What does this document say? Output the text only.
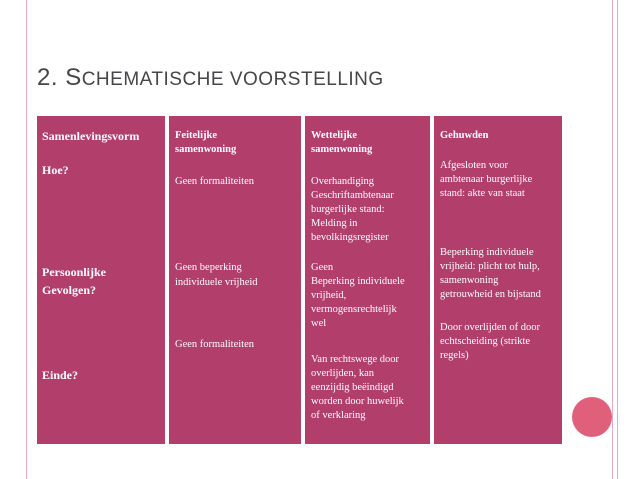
2. SCHEMATISCHE VOORSTELLING
Samenlevingsvorm
Hoe?
Persoonlijke
Gevolgen?
Einde?
Feitelijke
samenwoning
Geen formaliteiten
Geen beperking
individuele vrijheid
Geen formaliteiten
Wettelijke
samenwoning
Overhandiging
Geschriftambtenaar
burgerlijke stand:
Melding in
bevolkingsregister
Geen
Beperking individuele
vrijheid,
vermogensrechtelijk
wel
Van rechtswege door
overlijden, kan
eenzijdig beëindigd
worden door huwelijk
of verklaring
Gehuwden
Afgesloten voor
ambtenaar burgerlijke
stand: akte van staat
Beperking individuele
vrijheid: plicht tot hulp,
samenwoning
getrouwheid en bijstand
Door overlijden of door
echtscheiding (strikte
regels)
